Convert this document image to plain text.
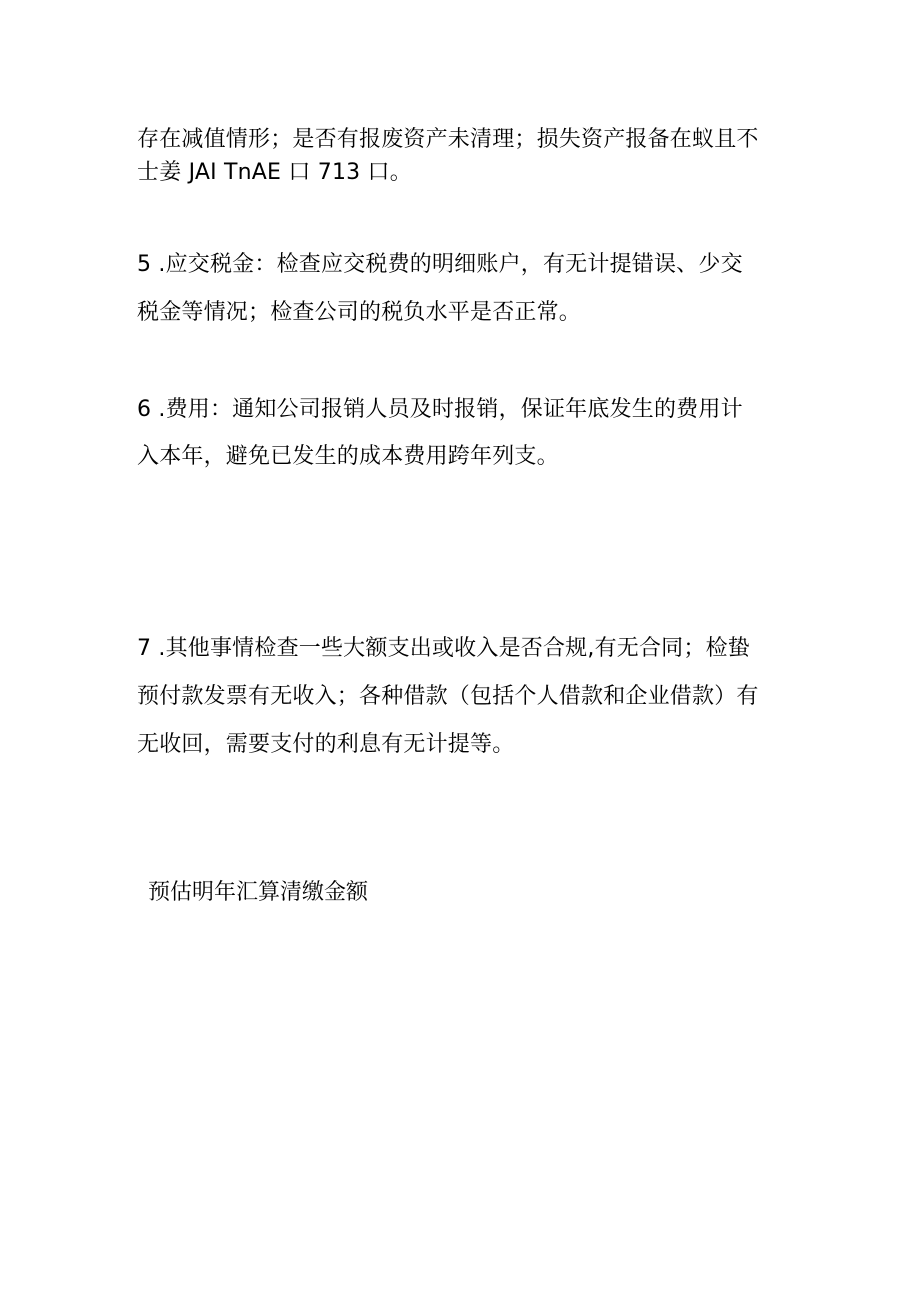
存在减值情形；是否有报废资产未清理；损失资产报备在蚁且不
士姜 JAI TnAE 口 713 口。
5 .应交税金：检查应交税费的明细账户，有无计提错误、少交
税金等情况；检查公司的税负水平是否正常。
6 .费用：通知公司报销人员及时报销，保证年底发生的费用计
入本年，避免已发生的成本费用跨年列支。
7 .其他事情检查一些大额支出或收入是否合规,有无合同；检蛰
预付款发票有无收入；各种借款（包括个人借款和企业借款）有
无收回，需要支付的利息有无计提等。
预估明年汇算清缴金额
